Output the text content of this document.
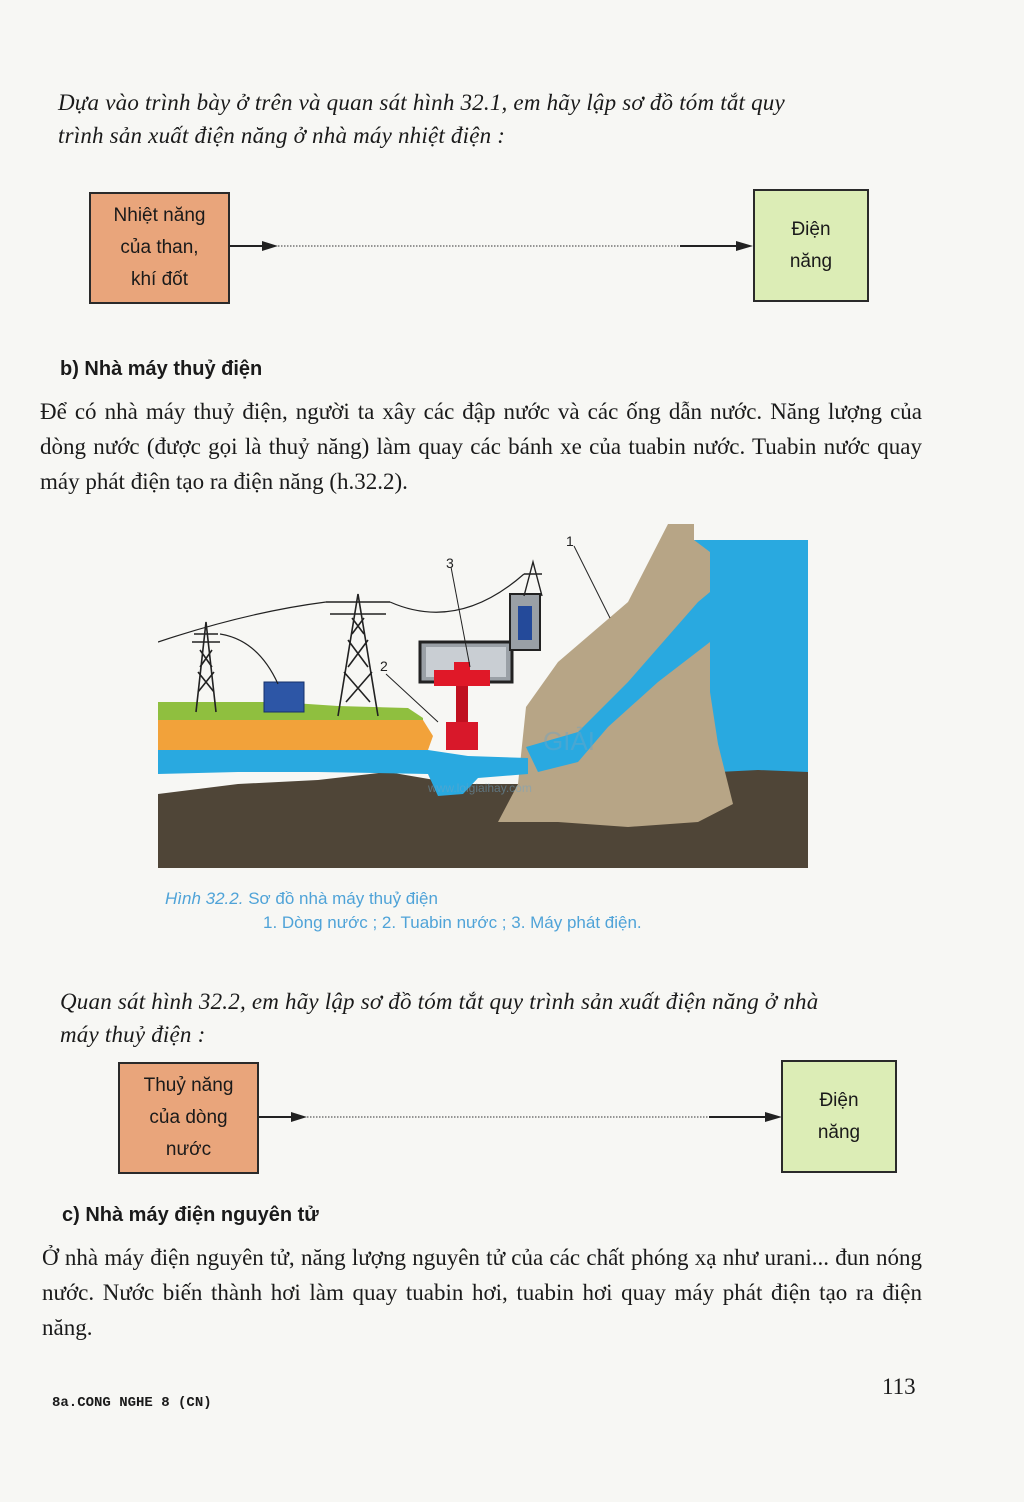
Dựa vào trình bày ở trên và quan sát hình 32.1, em hãy lập sơ đồ tóm tắt quy
trình sản xuất điện năng ở nhà máy nhiệt điện :
Nhiệt năng
của than,
khí đốt
Điện
năng
b) Nhà máy thuỷ điện
Để có nhà máy thuỷ điện, người ta xây các đập nước và các ống dẫn nước. Năng lượng của dòng nước (được gọi là thuỷ năng) làm quay các bánh xe của tuabin nước. Tuabin nước quay máy phát điện tạo ra điện năng (h.32.2).
3
2
1
GIẢI
www.loigiaihay.com
Hình 32.2. Sơ đồ nhà máy thuỷ điện
1. Dòng nước ; 2. Tuabin nước ; 3. Máy phát điện.
Quan sát hình 32.2, em hãy lập sơ đồ tóm tắt quy trình sản xuất điện năng ở nhà
máy thuỷ điện :
Thuỷ năng
của dòng
nước
Điện
năng
c) Nhà máy điện nguyên tử
Ở nhà máy điện nguyên tử, năng lượng nguyên tử của các chất phóng xạ như urani... đun nóng nước. Nước biến thành hơi làm quay tuabin hơi, tuabin hơi quay máy phát điện tạo ra điện năng.
8a.CONG NGHE 8 (CN)
113
